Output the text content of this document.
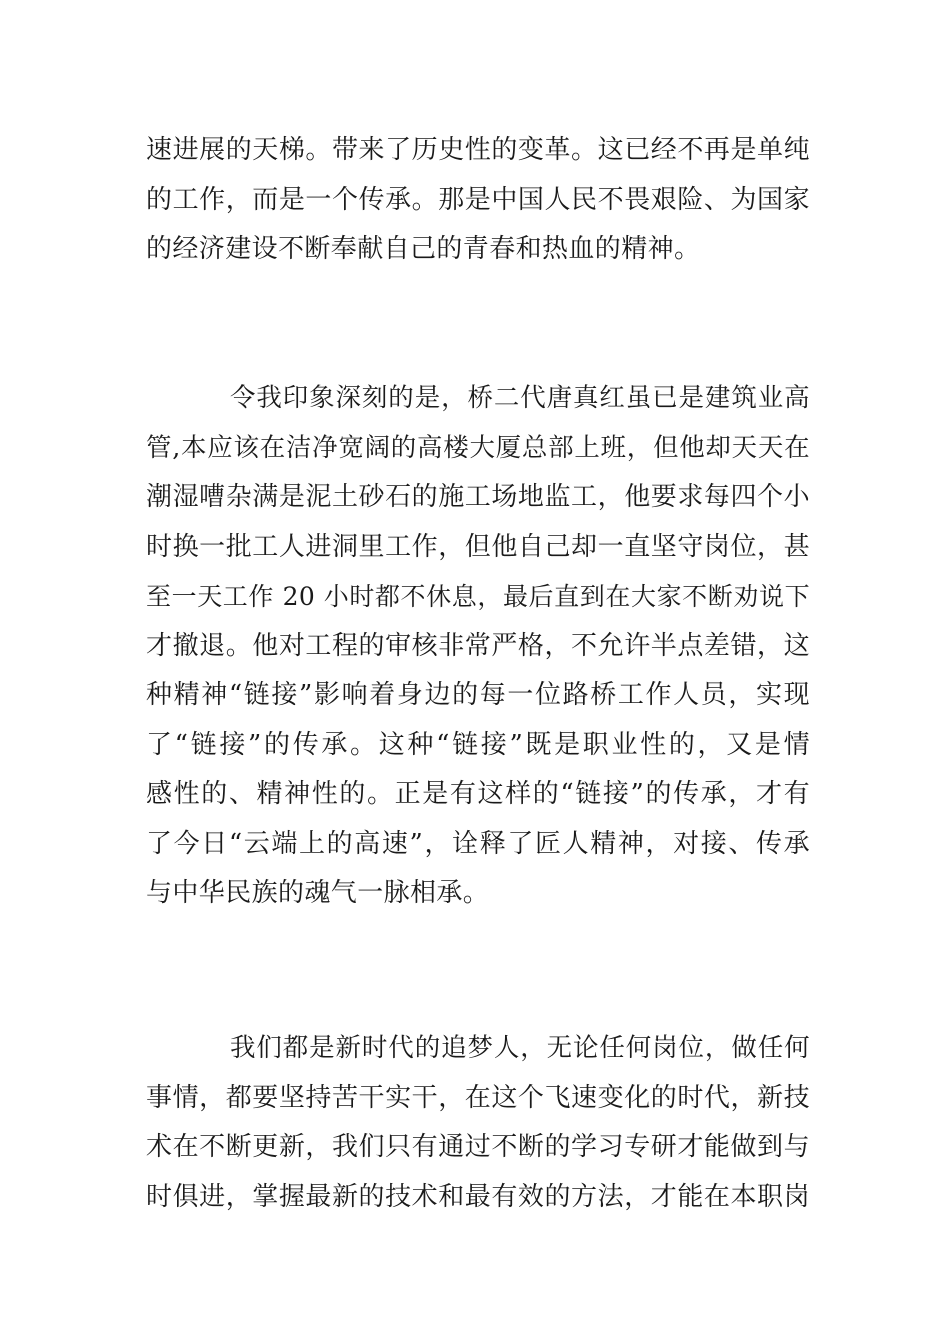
速进展的天梯。带来了历史性的变革。这已经不再是单纯
的工作，而是一个传承。那是中国人民不畏艰险、为国家
的经济建设不断奉献自己的青春和热血的精神。
令我印象深刻的是，桥二代唐真红虽已是建筑业高
管,本应该在洁净宽阔的高楼大厦总部上班，但他却天天在
潮湿嘈杂满是泥土砂石的施工场地监工，他要求每四个小
时换一批工人进洞里工作，但他自己却一直坚守岗位，甚
至一天工作 20 小时都不休息，最后直到在大家不断劝说下
才撤退。他对工程的审核非常严格，不允许半点差错，这
种精神“链接”影响着身边的每一位路桥工作人员，实现
了“链接”的传承。这种“链接”既是职业性的，又是情
感性的、精神性的。正是有这样的“链接”的传承，才有
了今日“云端上的高速”，诠释了匠人精神，对接、传承
与中华民族的魂气一脉相承。
我们都是新时代的追梦人，无论任何岗位，做任何
事情，都要坚持苦干实干，在这个飞速变化的时代，新技
术在不断更新，我们只有通过不断的学习专研才能做到与
时俱进，掌握最新的技术和最有效的方法，才能在本职岗
